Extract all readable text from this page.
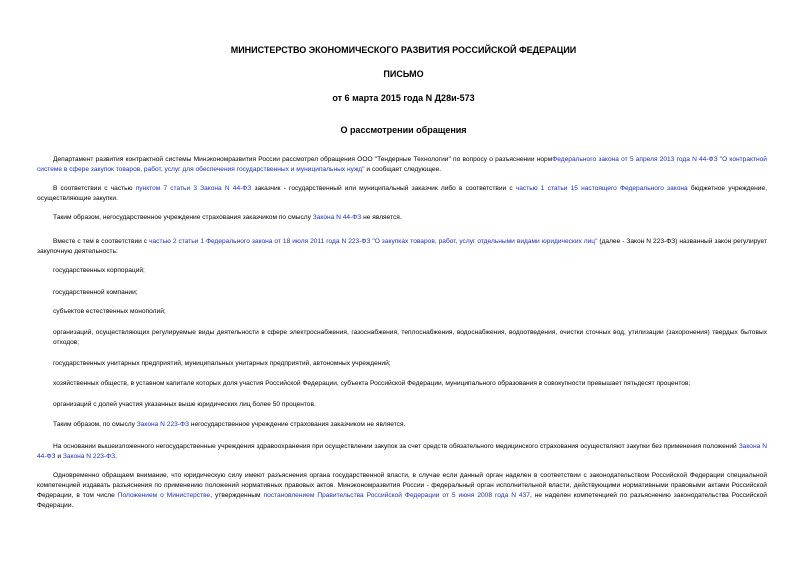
МИНИСТЕРСТВО ЭКОНОМИЧЕСКОГО РАЗВИТИЯ РОССИЙСКОЙ ФЕДЕРАЦИИ
ПИСЬМО
от 6 марта 2015 года N Д28и-573
О рассмотрении обращения

Департамент развития контрактной системы Минэкономразвития России рассмотрел обращения ООО "Тендерные Технологии" по вопросу о разъяснении нормФедерального закона от 5 апреля 2013 года N 44-ФЗ "О контрактной системе в сфере закупок товаров, работ, услуг для обеспечения государственных и муниципальных нужд" и сообщает следующее.

В соответствии с частью пунктом 7 статьи 3 Закона N 44-ФЗ заказчик - государственный или муниципальный заказчик либо в соответствии с частью 1 статьи 15 настоящего Федерального закона бюджетное учреждение, осуществляющие закупки.

Таким образом, негосударственное учреждение страхования заказчиком по смыслу Закона N 44-ФЗ не является.

Вместе с тем в соответствии с частью 2 статьи 1 Федерального закона от 18 июля 2011 года N 223-ФЗ "О закупках товаров, работ, услуг отдельными видами юридических лиц" (далее - Закон N 223-ФЗ) названный закон регулирует закупочную деятельность:

государственных корпораций;

государственной компании;

субъектов естественных монополий;

организаций, осуществляющих регулируемые виды деятельности в сфере электроснабжения, газоснабжения, теплоснабжения, водоснабжения, водоотведения, очистки сточных вод, утилизации (захоронения) твердых бытовых отходов;

государственных унитарных предприятий, муниципальных унитарных предприятий, автономных учреждений;

хозяйственных обществ, в уставном капитале которых доля участия Российской Федерации, субъекта Российской Федерации, муниципального образования в совокупности превышает пятьдесят процентов;

организаций с долей участия указанных выше юридических лиц более 50 процентов.

Таким образом, по смыслу Закона N 223-ФЗ негосударственное учреждение страхования заказчиком не является.

На основании вышеизложенного негосударственные учреждения здравоохранения при осуществлении закупок за счет средств обязательного медицинского страхования осуществляют закупки без применения положений Закона N 44-ФЗ и Закона N 223-ФЗ.

Одновременно обращаем внимание, что юридическую силу имеют разъяснения органа государственной власти, в случае если данный орган наделен в соответствии с законодательством Российской Федерации специальной компетенцией издавать разъяснения по применению положений нормативных правовых актов. Минэкономразвития России - федеральный орган исполнительной власти, действующими нормативными правовыми актами Российской Федерации, в том числе Положением о Министерстве, утвержденным постановлением Правительства Российской Федерации от 5 июня 2008 года N 437, не наделен компетенцией по разъяснению законодательства Российской Федерации.
